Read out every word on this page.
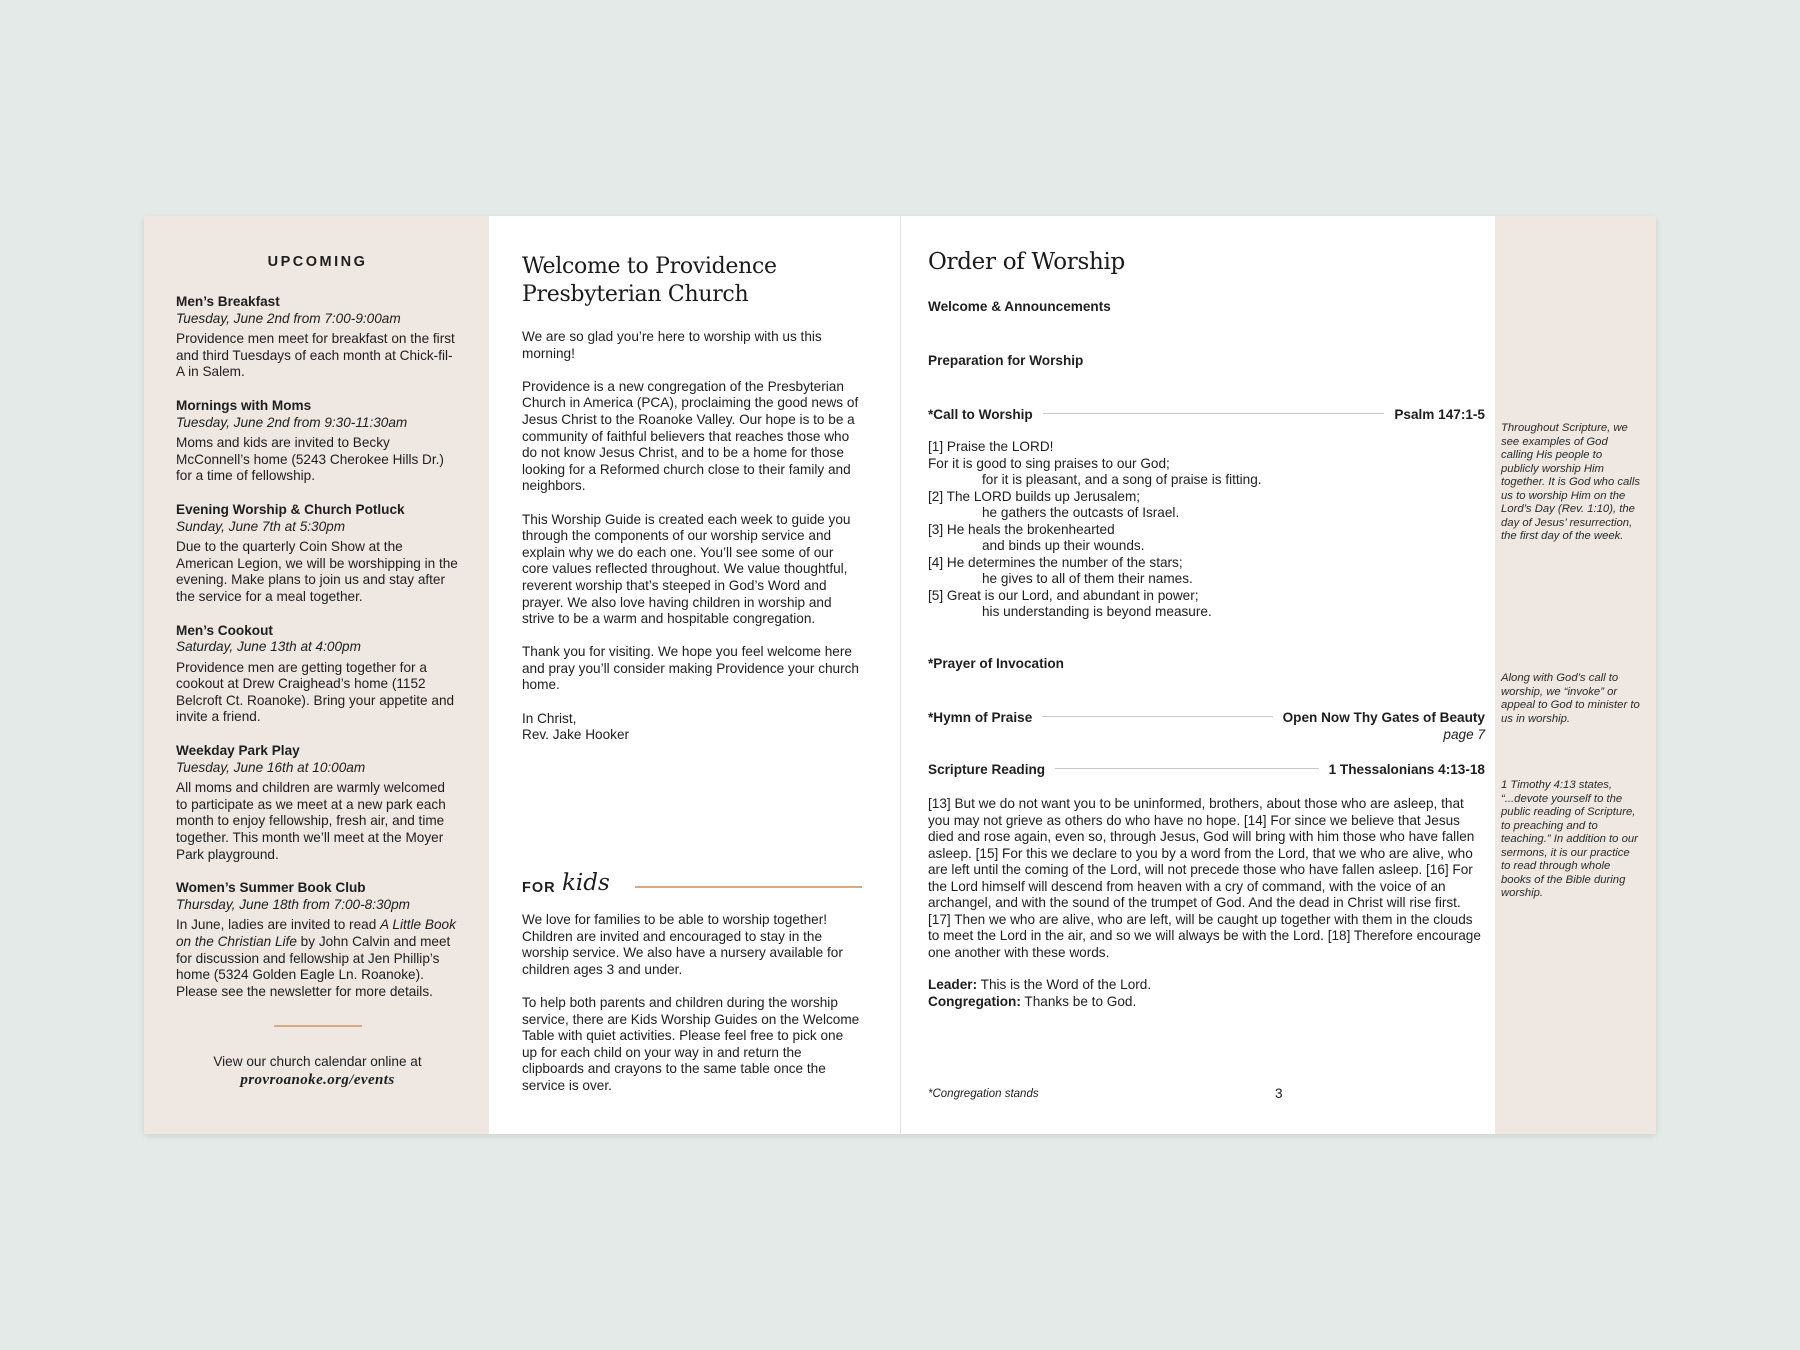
UPCOMING
Men’s Breakfast
Tuesday, June 2nd from 7:00-9:00am
Providence men meet for breakfast on the first and third Tuesdays of each month at Chick-fil-A in Salem.
Mornings with Moms
Tuesday, June 2nd from 9:30-11:30am
Moms and kids are invited to Becky McConnell’s home (5243 Cherokee Hills Dr.) for a time of fellowship.
Evening Worship & Church Potluck
Sunday, June 7th at 5:30pm
Due to the quarterly Coin Show at the American Legion, we will be worshipping in the evening. Make plans to join us and stay after the service for a meal together.
Men’s Cookout
Saturday, June 13th at 4:00pm
Providence men are getting together for a cookout at Drew Craighead’s home (1152 Belcroft Ct. Roanoke). Bring your appetite and invite a friend.
Weekday Park Play
Tuesday, June 16th at 10:00am
All moms and children are warmly welcomed to participate as we meet at a new park each month to enjoy fellowship, fresh air, and time together. This month we’ll meet at the Moyer Park playground.
Women’s Summer Book Club
Thursday, June 18th from 7:00-8:30pm
In June, ladies are invited to read A Little Book on the Christian Life by John Calvin and meet for discussion and fellowship at Jen Phillip’s home (5324 Golden Eagle Ln. Roanoke). Please see the newsletter for more details.
View our church calendar online at
provroanoke.org/events
Welcome to Providence
Presbyterian Church

We are so glad you’re here to worship with us this morning!

Providence is a new congregation of the Presbyterian Church in America (PCA), proclaiming the good news of Jesus Christ to the Roanoke Valley. Our hope is to be a community of faithful believers that reaches those who do not know Jesus Christ, and to be a home for those looking for a Reformed church close to their family and neighbors.

This Worship Guide is created each week to guide you through the components of our worship service and explain why we do each one. You’ll see some of our core values reflected throughout. We value thoughtful, reverent worship that’s steeped in God’s Word and prayer. We also love having children in worship and strive to be a warm and hospitable congregation.

Thank you for visiting. We hope you feel welcome here and pray you’ll consider making Providence your church home.

In Christ,
Rev. Jake Hooker
FOR kids

We love for families to be able to worship together! Children are invited and encouraged to stay in the worship service. We also have a nursery available for children ages 3 and under.

To help both parents and children during the worship service, there are Kids Worship Guides on the Welcome Table with quiet activities. Please feel free to pick one up for each child on your way in and return the clipboards and crayons to the same table once the service is over.

Order of Worship
Welcome & Announcements
Preparation for Worship
*Call to Worship	Psalm 147:1-5
[1] Praise the LORD!
For it is good to sing praises to our God;
for it is pleasant, and a song of praise is fitting.
[2] The LORD builds up Jerusalem;
he gathers the outcasts of Israel.
[3] He heals the brokenhearted
and binds up their wounds.
[4] He determines the number of the stars;
he gives to all of them their names.
[5] Great is our Lord, and abundant in power;
his understanding is beyond measure.
*Prayer of Invocation
*Hymn of Praise	Open Now Thy Gates of Beauty
page 7
Scripture Reading	1 Thessalonians 4:13-18
[13] But we do not want you to be uninformed, brothers, about those who are asleep, that you may not grieve as others do who have no hope. [14] For since we believe that Jesus died and rose again, even so, through Jesus, God will bring with him those who have fallen asleep. [15] For this we declare to you by a word from the Lord, that we who are alive, who are left until the coming of the Lord, will not precede those who have fallen asleep. [16] For the Lord himself will descend from heaven with a cry of command, with the voice of an archangel, and with the sound of the trumpet of God. And the dead in Christ will rise first. [17] Then we who are alive, who are left, will be caught up together with them in the clouds to meet the Lord in the air, and so we will always be with the Lord. [18] Therefore encourage one another with these words.
Leader: This is the Word of the Lord.
Congregation: Thanks be to God.
*Congregation stands	3
Throughout Scripture, we see examples of God calling His people to publicly worship Him together. It is God who calls us to worship Him on the Lord’s Day (Rev. 1:10), the day of Jesus’ resurrection, the first day of the week.
Along with God’s call to worship, we “invoke” or appeal to God to minister to us in worship.
1 Timothy 4:13 states, “...devote yourself to the public reading of Scripture, to preaching and to teaching.” In addition to our sermons, it is our practice to read through whole books of the Bible during worship.
